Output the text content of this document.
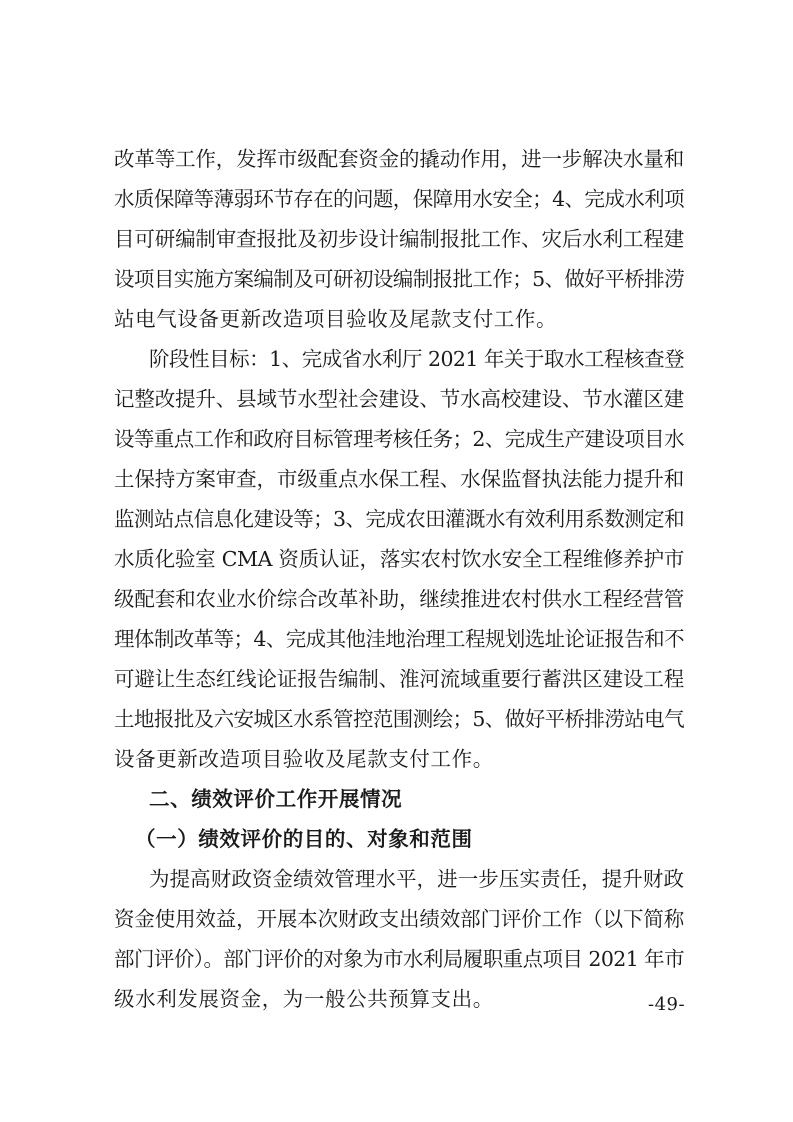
改革等工作，发挥市级配套资金的撬动作用，进一步解决水量和
水质保障等薄弱环节存在的问题，保障用水安全；4、完成水利项
目可研编制审查报批及初步设计编制报批工作、灾后水利工程建
设项目实施方案编制及可研初设编制报批工作；5、做好平桥排涝
站电气设备更新改造项目验收及尾款支付工作。
阶段性目标：1、完成省水利厅 2021 年关于取水工程核查登
记整改提升、县域节水型社会建设、节水高校建设、节水灌区建
设等重点工作和政府目标管理考核任务；2、完成生产建设项目水
土保持方案审查，市级重点水保工程、水保监督执法能力提升和
监测站点信息化建设等；3、完成农田灌溉水有效利用系数测定和
水质化验室 CMA 资质认证，落实农村饮水安全工程维修养护市
级配套和农业水价综合改革补助，继续推进农村供水工程经营管
理体制改革等；4、完成其他洼地治理工程规划选址论证报告和不
可避让生态红线论证报告编制、淮河流域重要行蓄洪区建设工程
土地报批及六安城区水系管控范围测绘；5、做好平桥排涝站电气
设备更新改造项目验收及尾款支付工作。
二、绩效评价工作开展情况
（一）绩效评价的目的、对象和范围
为提高财政资金绩效管理水平，进一步压实责任，提升财政
资金使用效益，开展本次财政支出绩效部门评价工作（以下简称
部门评价）。部门评价的对象为市水利局履职重点项目 2021 年市
级水利发展资金，为一般公共预算支出。	-49-
